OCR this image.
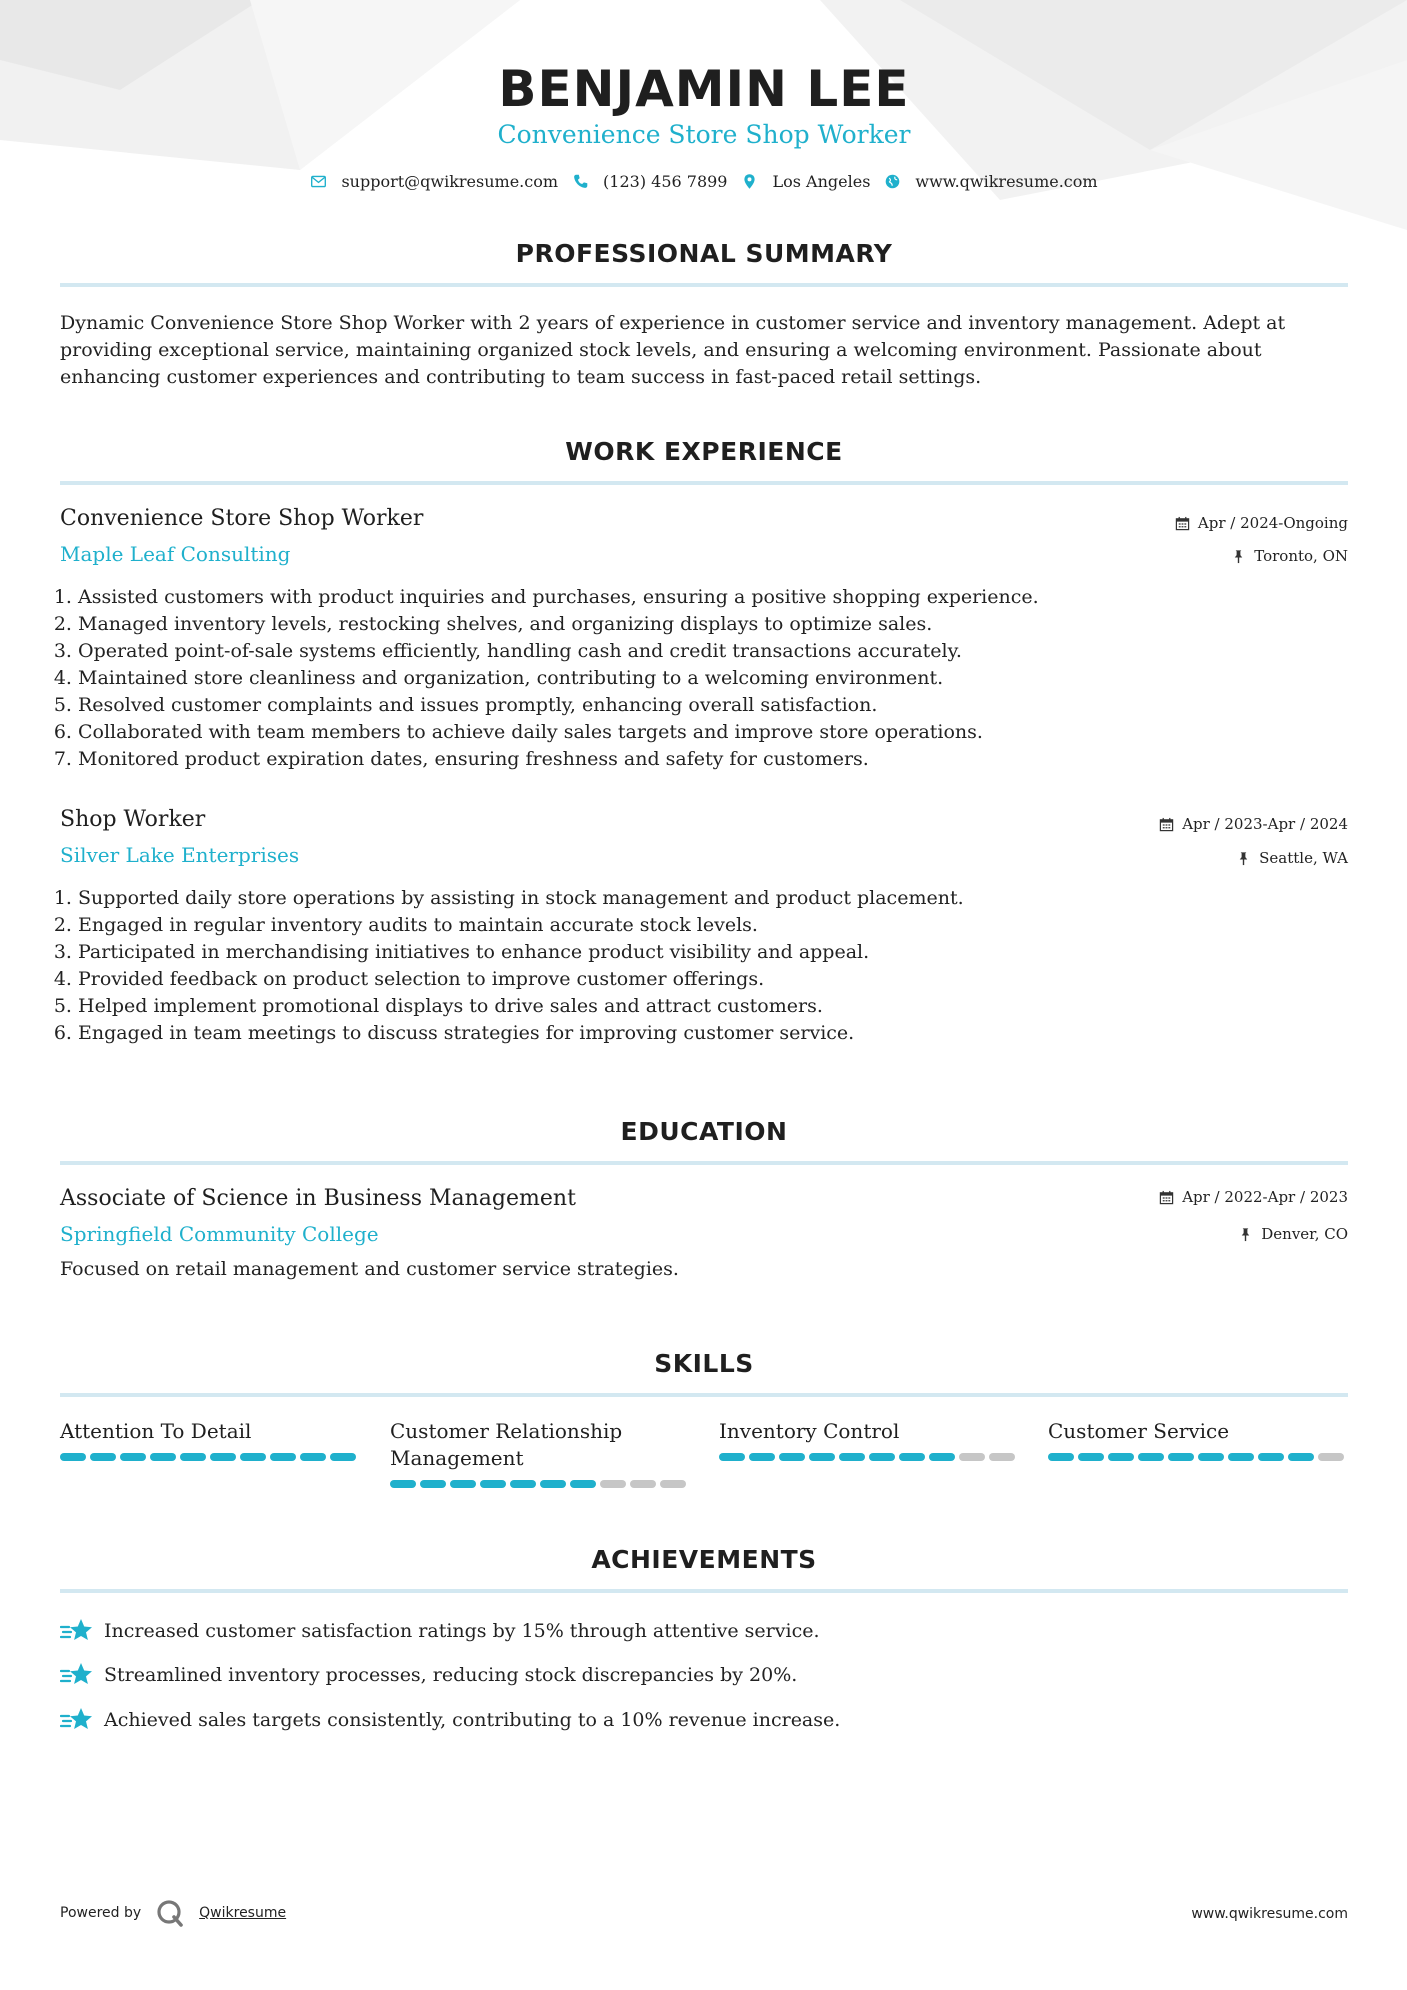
BENJAMIN LEE
Convenience Store Shop Worker
support@qwikresume.com	(123) 456 7899	Los Angeles	www.qwikresume.com
PROFESSIONAL SUMMARY
Dynamic Convenience Store Shop Worker with 2 years of experience in customer service and inventory management. Adept at providing exceptional service, maintaining organized stock levels, and ensuring a welcoming environment. Passionate about enhancing customer experiences and contributing to team success in fast-paced retail settings.
WORK EXPERIENCE
Convenience Store Shop Worker
Maple Leaf Consulting
Apr / 2024-Ongoing
Toronto, ON
1. Assisted customers with product inquiries and purchases, ensuring a positive shopping experience.
2. Managed inventory levels, restocking shelves, and organizing displays to optimize sales.
3. Operated point-of-sale systems efficiently, handling cash and credit transactions accurately.
4. Maintained store cleanliness and organization, contributing to a welcoming environment.
5. Resolved customer complaints and issues promptly, enhancing overall satisfaction.
6. Collaborated with team members to achieve daily sales targets and improve store operations.
7. Monitored product expiration dates, ensuring freshness and safety for customers.
Shop Worker
Silver Lake Enterprises
Apr / 2023-Apr / 2024
Seattle, WA
1. Supported daily store operations by assisting in stock management and product placement.
2. Engaged in regular inventory audits to maintain accurate stock levels.
3. Participated in merchandising initiatives to enhance product visibility and appeal.
4. Provided feedback on product selection to improve customer offerings.
5. Helped implement promotional displays to drive sales and attract customers.
6. Engaged in team meetings to discuss strategies for improving customer service.
EDUCATION
Associate of Science in Business Management
Springfield Community College
Apr / 2022-Apr / 2023
Denver, CO
Focused on retail management and customer service strategies.
SKILLS
Attention To Detail	Customer Relationship Management
Inventory Control	Customer Service
ACHIEVEMENTS
Increased customer satisfaction ratings by 15% through attentive service.
Streamlined inventory processes, reducing stock discrepancies by 20%.
Achieved sales targets consistently, contributing to a 10% revenue increase.
Powered by	Qwikresume	www.qwikresume.com
